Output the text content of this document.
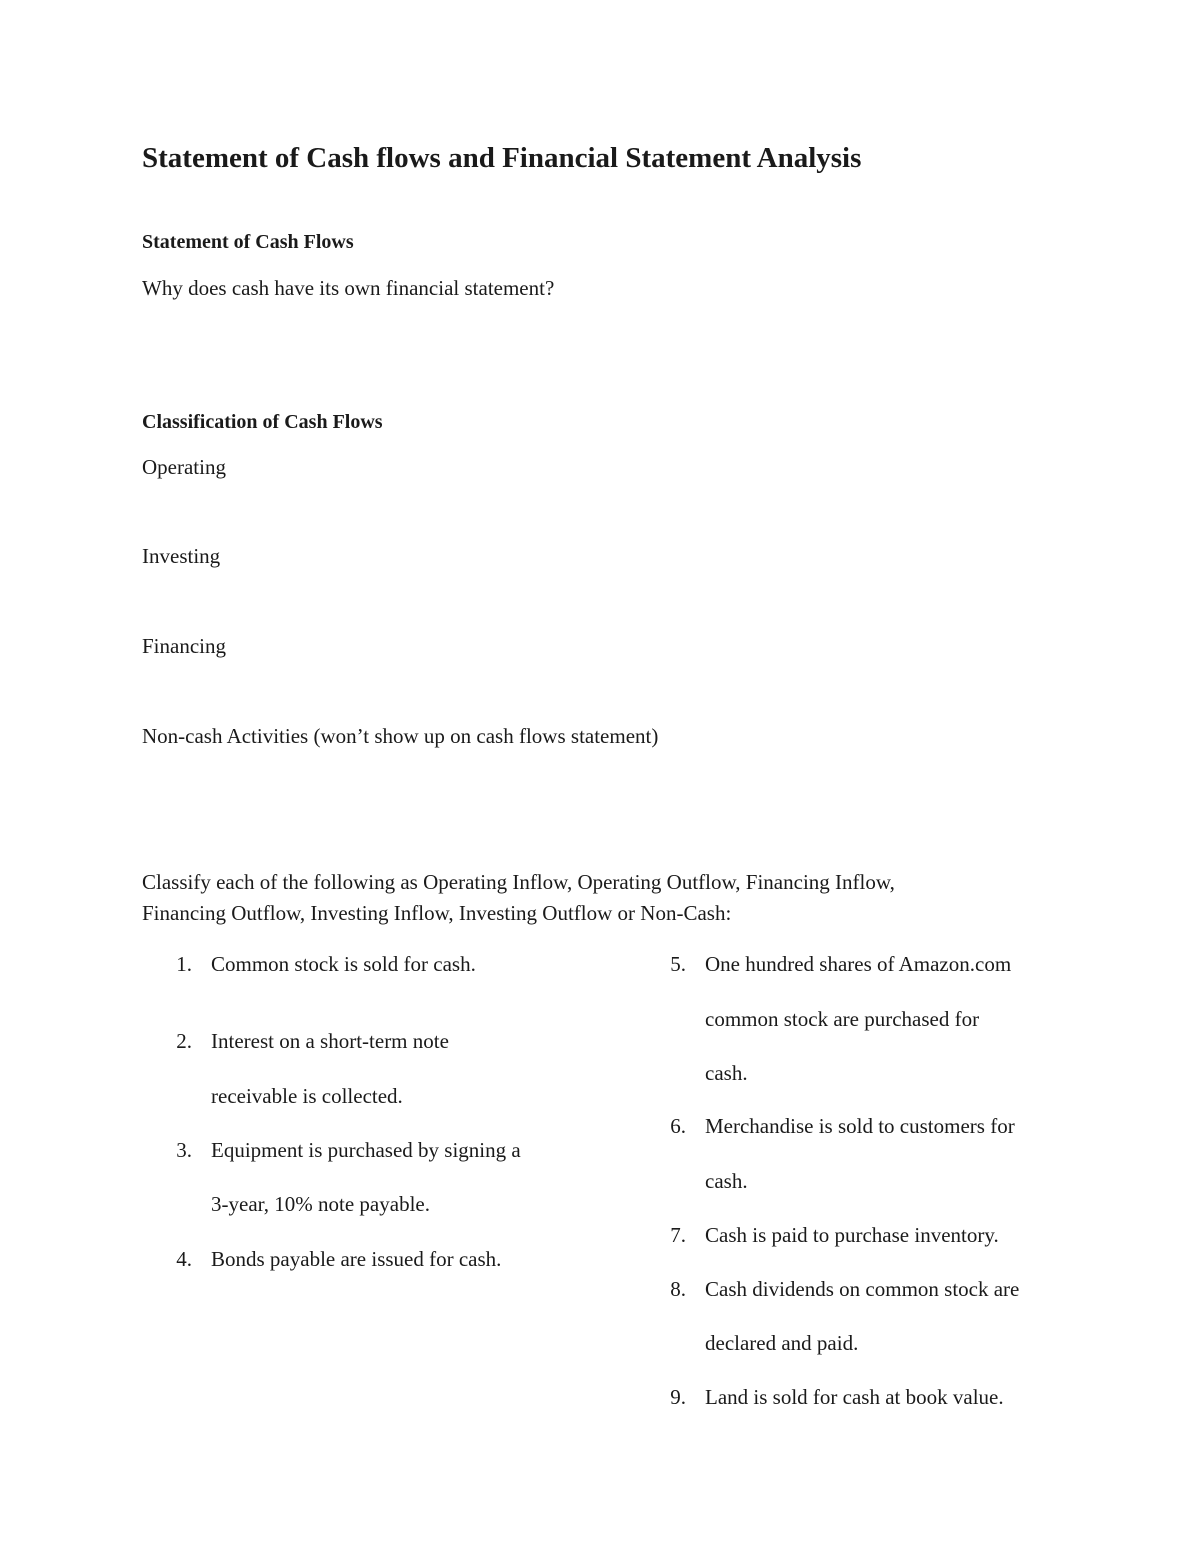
Statement of Cash flows and Financial Statement Analysis
Statement of Cash Flows
Why does cash have its own financial statement?
Classification of Cash Flows
Operating
Investing
Financing
Non-cash Activities (won’t show up on cash flows statement)
Classify each of the following as Operating Inflow, Operating Outflow, Financing Inflow,
Financing Outflow, Investing Inflow, Investing Outflow or Non-Cash:
1. Common stock is sold for cash.
2. Interest on a short-term note
receivable is collected.
3. Equipment is purchased by signing a
3-year, 10% note payable.
4. Bonds payable are issued for cash.
5. One hundred shares of Amazon.com
common stock are purchased for
cash.
6. Merchandise is sold to customers for
cash.
7. Cash is paid to purchase inventory.
8. Cash dividends on common stock are
declared and paid.
9. Land is sold for cash at book value.
